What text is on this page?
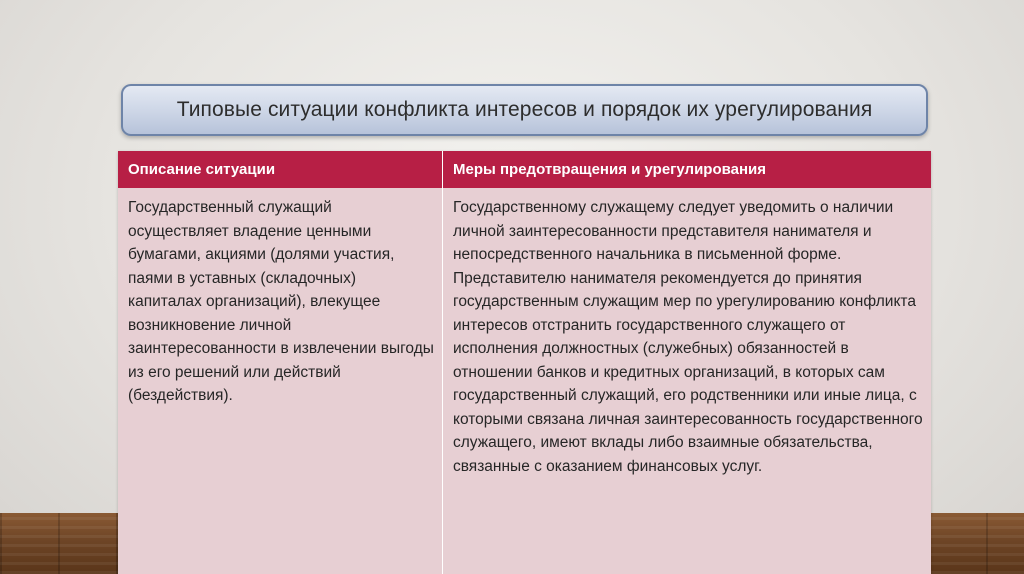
Типовые ситуации конфликта интересов и порядок их урегулирования
Описание ситуации	Меры предотвращения и урегулирования

Государственный служащий осуществляет владение ценными бумагами, акциями (долями участия, паями в уставных (складочных) капиталах организаций), влекущее возникновение личной заинтересованности в извлечении выгоды из его решений или действий (бездействия).

Государственному служащему следует уведомить о наличии личной заинтересованности представителя нанимателя и непосредственного начальника в письменной форме. Представителю нанимателя рекомендуется до принятия государственным служащим мер по урегулированию конфликта интересов отстранить государственного служащего от исполнения должностных (служебных) обязанностей в отношении банков и кредитных организаций, в которых сам государственный служащий, его родственники или иные лица, с которыми связана личная заинтересованность государственного служащего, имеют вклады либо взаимные обязательства, связанные с оказанием финансовых услуг.
